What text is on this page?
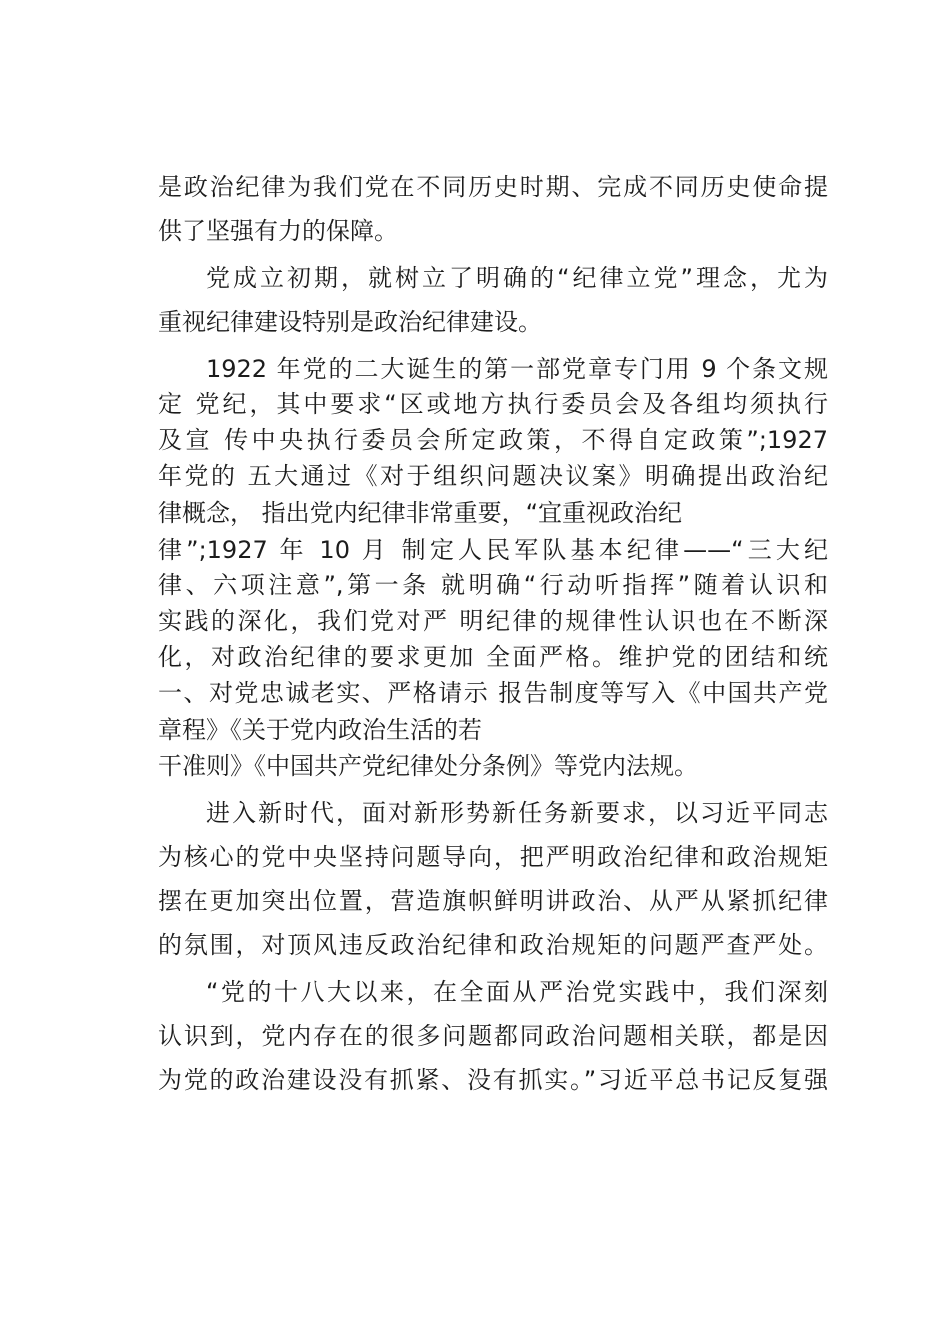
是政治纪律为我们党在不同历史时期、完成不同历史使命提

供了坚强有力的保障。

党成立初期，就树立了明确的“纪律立党”理念，尤为

重视纪律建设特别是政治纪律建设。

1922 年党的二大诞生的第一部党章专门用 9 个条文规

定 党纪，其中要求“区或地方执行委员会及各组均须执行

及宣 传中央执行委员会所定政策，不得自定政策”;1927

年党的 五大通过《对于组织问题决议案》明确提出政治纪

律概念， 指出党内纪律非常重要，“宜重视政治纪

律”;1927 年 10 月 制定人民军队基本纪律——“三大纪

律、六项注意”,第一条 就明确“行动听指挥”随着认识和

实践的深化，我们党对严 明纪律的规律性认识也在不断深

化，对政治纪律的要求更加 全面严格。维护党的团结和统

一、对党忠诚老实、严格请示 报告制度等写入《中国共产党

章程》《关于党内政治生活的若

干准则》《中国共产党纪律处分条例》等党内法规。

进入新时代，面对新形势新任务新要求，以习近平同志

为核心的党中央坚持问题导向，把严明政治纪律和政治规矩

摆在更加突出位置，营造旗帜鲜明讲政治、从严从紧抓纪律

的氛围，对顶风违反政治纪律和政治规矩的问题严查严处。

“党的十八大以来，在全面从严治党实践中，我们深刻

认识到，党内存在的很多问题都同政治问题相关联，都是因

为党的政治建设没有抓紧、没有抓实。”习近平总书记反复强
